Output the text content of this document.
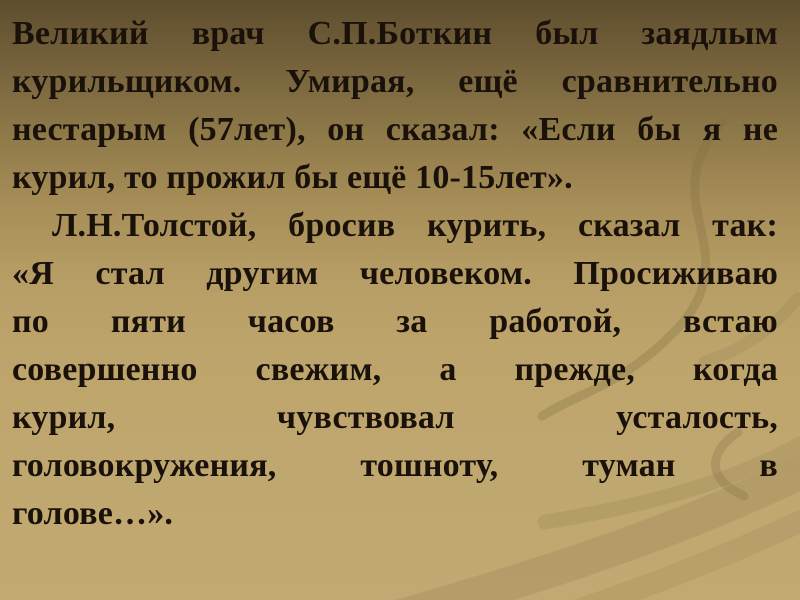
Великий врач С.П.Боткин был заядлым
курильщиком. Умирая, ещё сравнительно
нестарым (57лет), он сказал: «Если бы я не
курил, то прожил бы ещё 10-15лет».
Л.Н.Толстой, бросив курить, сказал так:
«Я стал другим человеком. Просиживаю
по пяти часов за работой, встаю
совершенно свежим, а прежде, когда
курил, чувствовал усталость,
головокружения, тошноту, туман в
голове…».
